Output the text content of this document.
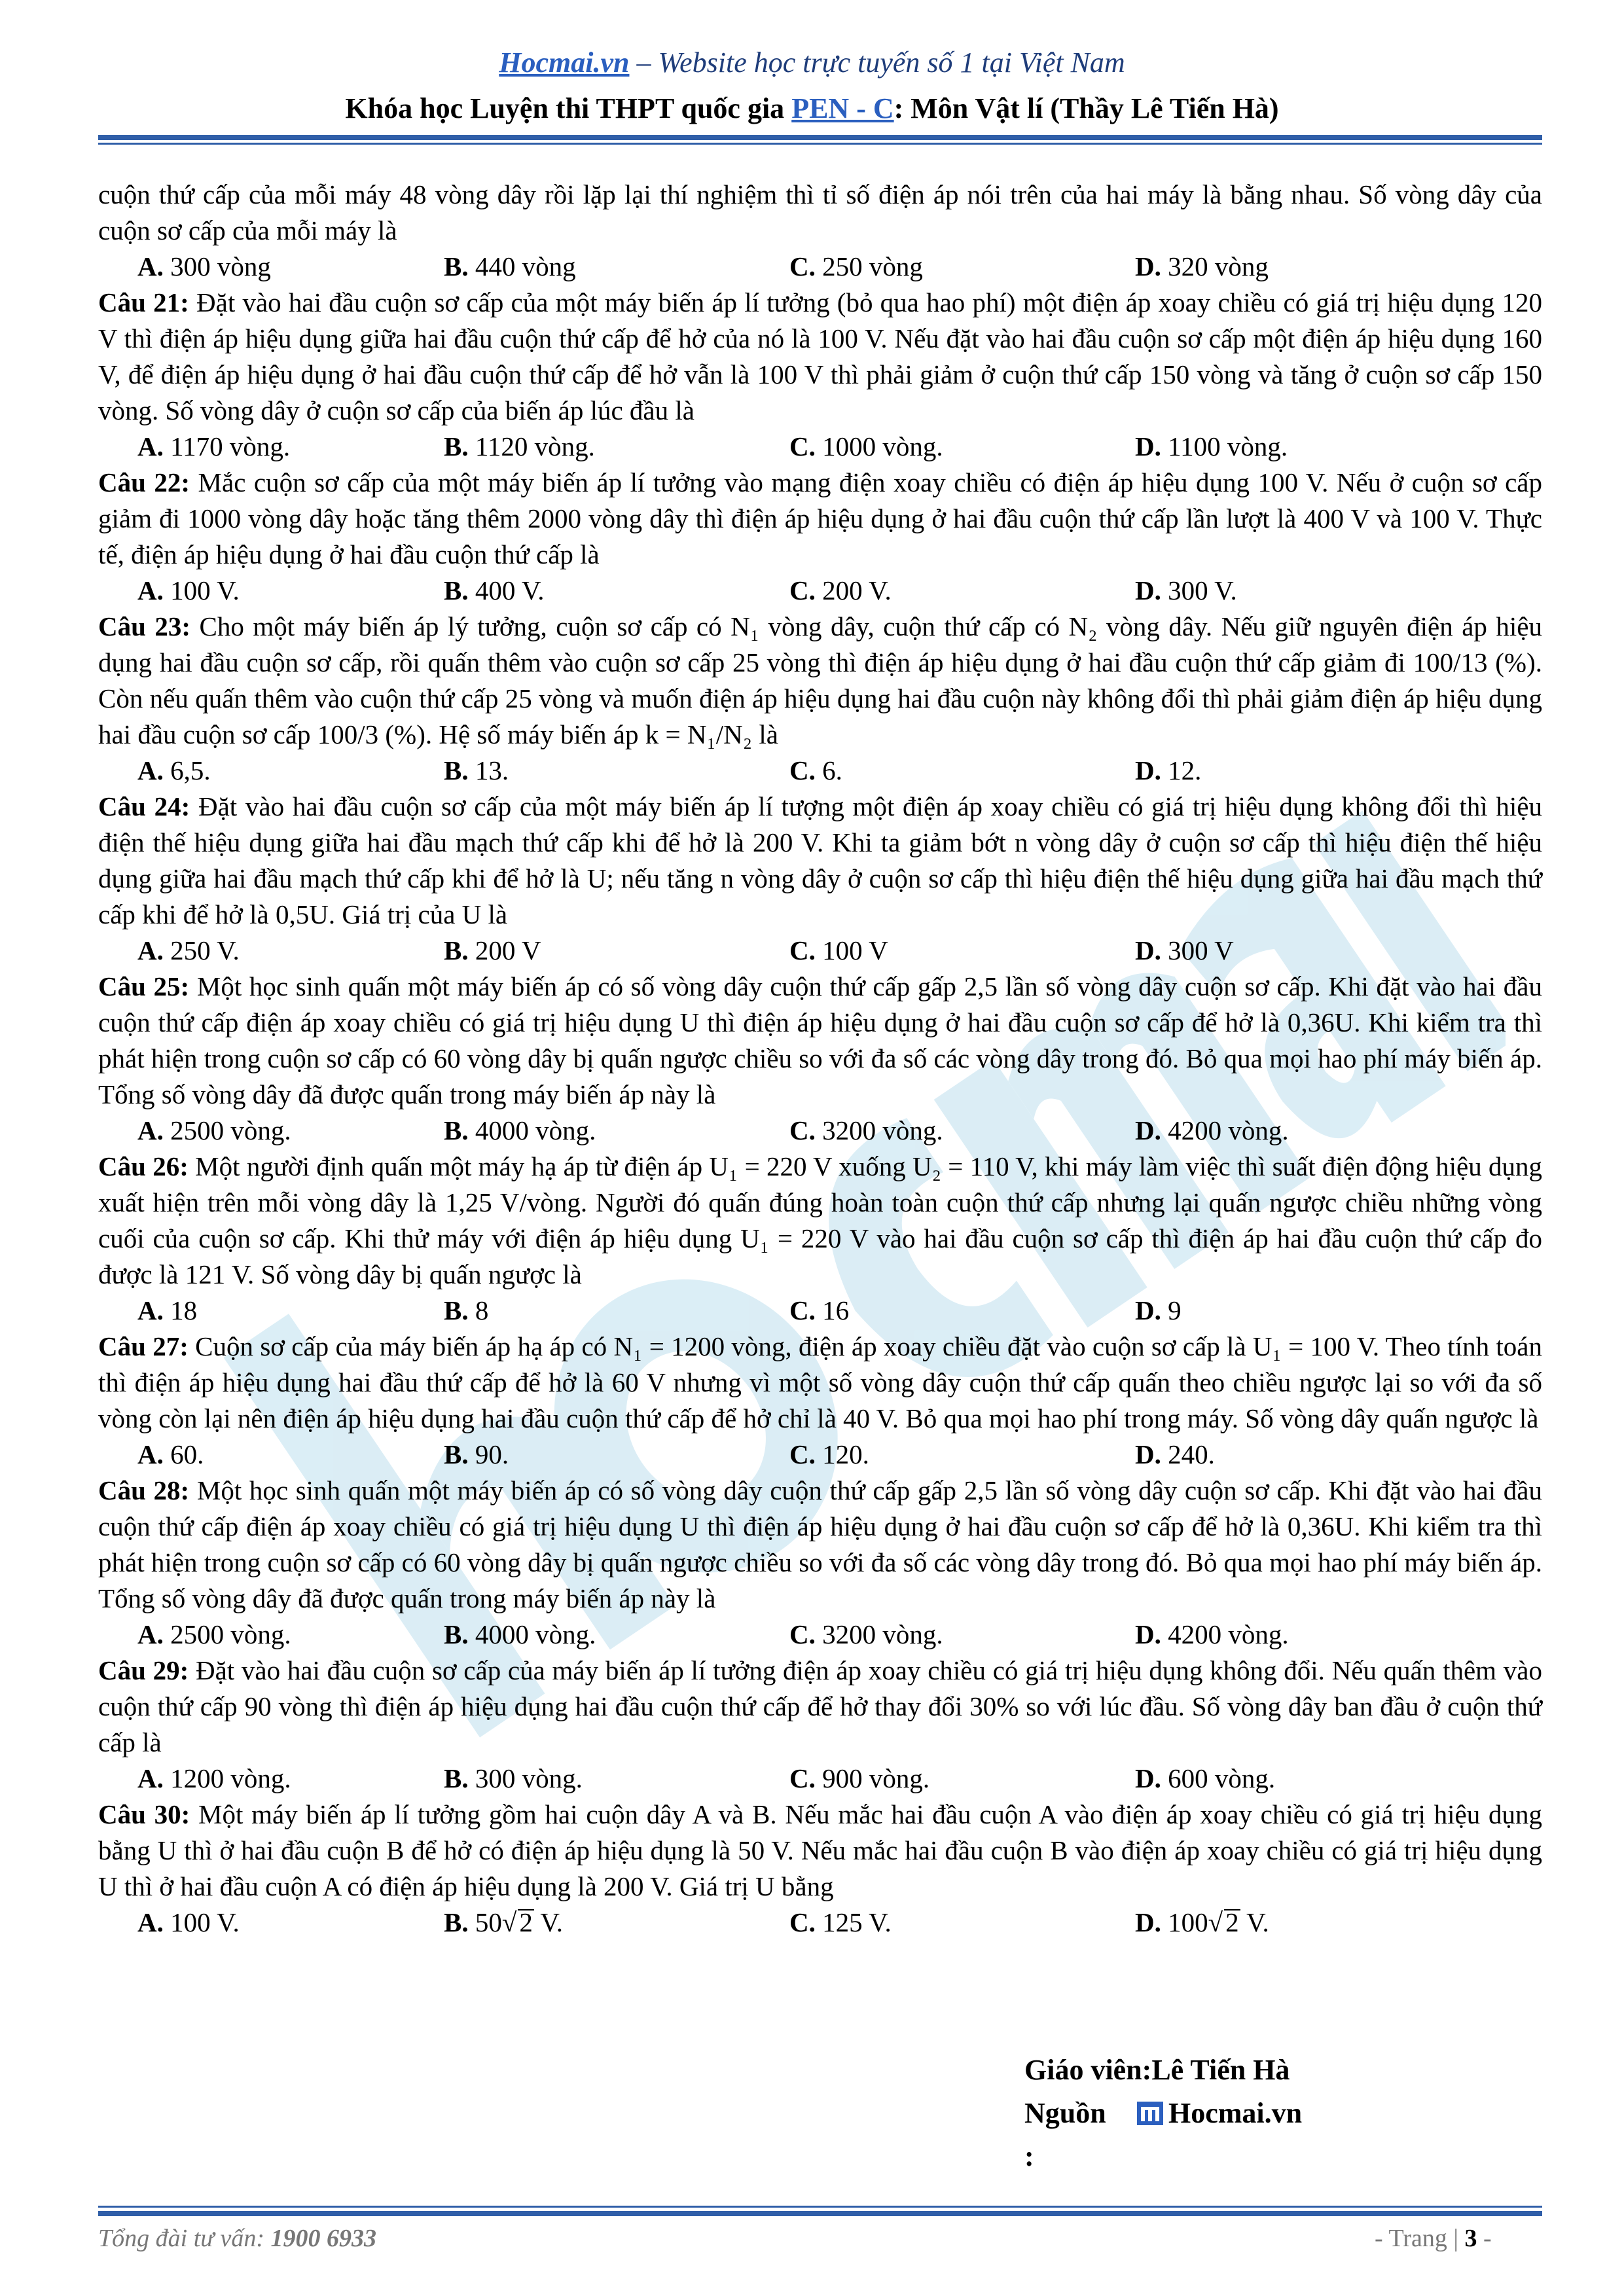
Hocmai.vn – Website học trực tuyến số 1 tại Việt Nam
Khóa học Luyện thi THPT quốc gia PEN - C: Môn Vật lí (Thầy Lê Tiến Hà)

cuộn thứ cấp của mỗi máy 48 vòng dây rồi lặp lại thí nghiệm thì tỉ số điện áp nói trên của hai máy là bằng nhau. Số vòng dây của cuộn sơ cấp của mỗi máy là

A. 300 vòng	B. 440 vòng	C. 250 vòng	D. 320 vòng

Câu 21: Đặt vào hai đầu cuộn sơ cấp của một máy biến áp lí tưởng (bỏ qua hao phí) một điện áp xoay chiều có giá trị hiệu dụng 120 V thì điện áp hiệu dụng giữa hai đầu cuộn thứ cấp để hở của nó là 100 V. Nếu đặt vào hai đầu cuộn sơ cấp một điện áp hiệu dụng 160 V, để điện áp hiệu dụng ở hai đầu cuộn thứ cấp để hở vẫn là 100 V thì phải giảm ở cuộn thứ cấp 150 vòng và tăng ở cuộn sơ cấp 150 vòng. Số vòng dây ở cuộn sơ cấp của biến áp lúc đầu là

A. 1170 vòng.	B. 1120 vòng.	C. 1000 vòng.	D. 1100 vòng.

Câu 22: Mắc cuộn sơ cấp của một máy biến áp lí tưởng vào mạng điện xoay chiều có điện áp hiệu dụng 100 V. Nếu ở cuộn sơ cấp giảm đi 1000 vòng dây hoặc tăng thêm 2000 vòng dây thì điện áp hiệu dụng ở hai đầu cuộn thứ cấp lần lượt là 400 V và 100 V. Thực tế, điện áp hiệu dụng ở hai đầu cuộn thứ cấp là

A. 100 V.	B. 400 V.	C. 200 V.	D. 300 V.

Câu 23: Cho một máy biến áp lý tưởng, cuộn sơ cấp có N₁ vòng dây, cuộn thứ cấp có N₂ vòng dây. Nếu giữ nguyên điện áp hiệu dụng hai đầu cuộn sơ cấp, rồi quấn thêm vào cuộn sơ cấp 25 vòng thì điện áp hiệu dụng ở hai đầu cuộn thứ cấp giảm đi 100/13 (%). Còn nếu quấn thêm vào cuộn thứ cấp 25 vòng và muốn điện áp hiệu dụng hai đầu cuộn này không đổi thì phải giảm điện áp hiệu dụng hai đầu cuộn sơ cấp 100/3 (%). Hệ số máy biến áp k = N₁/N₂ là

A. 6,5.	B. 13.	C. 6.	D. 12.

Câu 24: Đặt vào hai đầu cuộn sơ cấp của một máy biến áp lí tượng một điện áp xoay chiều có giá trị hiệu dụng không đổi thì hiệu điện thế hiệu dụng giữa hai đầu mạch thứ cấp khi để hở là 200 V. Khi ta giảm bớt n vòng dây ở cuộn sơ cấp thì hiệu điện thế hiệu dụng giữa hai đầu mạch thứ cấp khi để hở là U; nếu tăng n vòng dây ở cuộn sơ cấp thì hiệu điện thế hiệu dụng giữa hai đầu mạch thứ cấp khi để hở là 0,5U. Giá trị của U là

A. 250 V.	B. 200 V	C. 100 V	D. 300 V

Câu 25: Một học sinh quấn một máy biến áp có số vòng dây cuộn thứ cấp gấp 2,5 lần số vòng dây cuộn sơ cấp. Khi đặt vào hai đầu cuộn thứ cấp điện áp xoay chiều có giá trị hiệu dụng U thì điện áp hiệu dụng ở hai đầu cuộn sơ cấp để hở là 0,36U. Khi kiểm tra thì phát hiện trong cuộn sơ cấp có 60 vòng dây bị quấn ngược chiều so với đa số các vòng dây trong đó. Bỏ qua mọi hao phí máy biến áp. Tổng số vòng dây đã được quấn trong máy biến áp này là

A. 2500 vòng.	B. 4000 vòng.	C. 3200 vòng.	D. 4200 vòng.

Câu 26: Một người định quấn một máy hạ áp từ điện áp U₁ = 220 V xuống U₂ = 110 V, khi máy làm việc thì suất điện động hiệu dụng xuất hiện trên mỗi vòng dây là 1,25 V/vòng. Người đó quấn đúng hoàn toàn cuộn thứ cấp nhưng lại quấn ngược chiều những vòng cuối của cuộn sơ cấp. Khi thử máy với điện áp hiệu dụng U₁ = 220 V vào hai đầu cuộn sơ cấp thì điện áp hai đầu cuộn thứ cấp đo được là 121 V. Số vòng dây bị quấn ngược là

A. 18	B. 8	C. 16	D. 9

Câu 27: Cuộn sơ cấp của máy biến áp hạ áp có N₁ = 1200 vòng, điện áp xoay chiều đặt vào cuộn sơ cấp là U₁ = 100 V. Theo tính toán thì điện áp hiệu dụng hai đầu thứ cấp để hở là 60 V nhưng vì một số vòng dây cuộn thứ cấp quấn theo chiều ngược lại so với đa số vòng còn lại nên điện áp hiệu dụng hai đầu cuộn thứ cấp để hở chỉ là 40 V. Bỏ qua mọi hao phí trong máy. Số vòng dây quấn ngược là

A. 60.	B. 90.	C. 120.	D. 240.

Câu 28: Một học sinh quấn một máy biến áp có số vòng dây cuộn thứ cấp gấp 2,5 lần số vòng dây cuộn sơ cấp. Khi đặt vào hai đầu cuộn thứ cấp điện áp xoay chiều có giá trị hiệu dụng U thì điện áp hiệu dụng ở hai đầu cuộn sơ cấp để hở là 0,36U. Khi kiểm tra thì phát hiện trong cuộn sơ cấp có 60 vòng dây bị quấn ngược chiều so với đa số các vòng dây trong đó. Bỏ qua mọi hao phí máy biến áp. Tổng số vòng dây đã được quấn trong máy biến áp này là

A. 2500 vòng.	B. 4000 vòng.	C. 3200 vòng.	D. 4200 vòng.

Câu 29: Đặt vào hai đầu cuộn sơ cấp của máy biến áp lí tưởng điện áp xoay chiều có giá trị hiệu dụng không đổi. Nếu quấn thêm vào cuộn thứ cấp 90 vòng thì điện áp hiệu dụng hai đầu cuộn thứ cấp để hở thay đổi 30% so với lúc đầu. Số vòng dây ban đầu ở cuộn thứ cấp là

A. 1200 vòng.	B. 300 vòng.	C. 900 vòng.	D. 600 vòng.

Câu 30: Một máy biến áp lí tưởng gồm hai cuộn dây A và B. Nếu mắc hai đầu cuộn A vào điện áp xoay chiều có giá trị hiệu dụng bằng U thì ở hai đầu cuộn B để hở có điện áp hiệu dụng là 50 V. Nếu mắc hai đầu cuộn B vào điện áp xoay chiều có giá trị hiệu dụng U thì ở hai đầu cuộn A có điện áp hiệu dụng là 200 V. Giá trị U bằng

A. 100 V.	B. 50√2 V.	C. 125 V.	D. 100√2 V.
Giáo viên: Lê Tiến Hà
Nguồn   :
Hocmai.vn
Tổng đài tư vấn: 1900 6933	- Trang | 3 -
